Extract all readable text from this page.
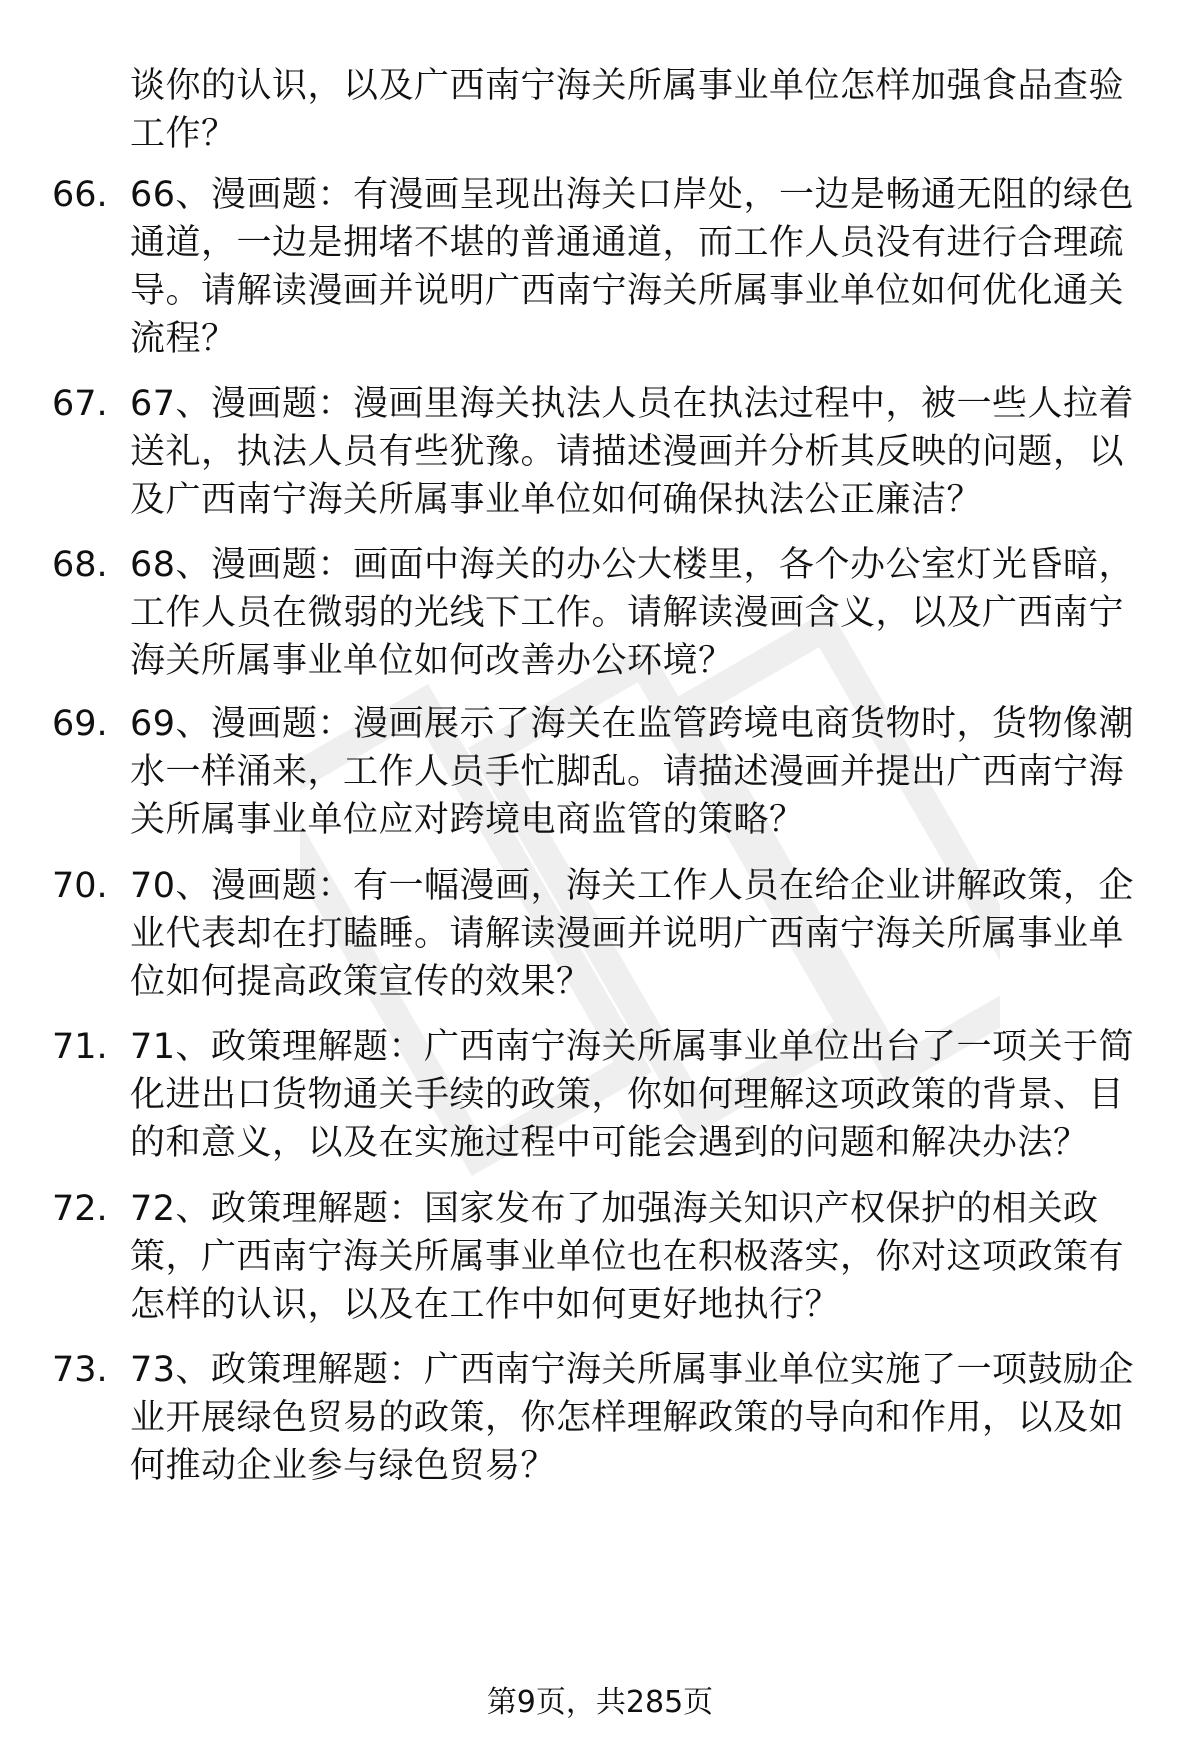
谈你的认识，以及广西南宁海关所属事业单位怎样加强食品查验工作？
66. 66、漫画题：有漫画呈现出海关口岸处，一边是畅通无阻的绿色通道，一边是拥堵不堪的普通通道，而工作人员没有进行合理疏导。请解读漫画并说明广西南宁海关所属事业单位如何优化通关流程？
67. 67、漫画题：漫画里海关执法人员在执法过程中，被一些人拉着送礼，执法人员有些犹豫。请描述漫画并分析其反映的问题，以及广西南宁海关所属事业单位如何确保执法公正廉洁？
68. 68、漫画题：画面中海关的办公大楼里，各个办公室灯光昏暗，工作人员在微弱的光线下工作。请解读漫画含义，以及广西南宁海关所属事业单位如何改善办公环境？
69. 69、漫画题：漫画展示了海关在监管跨境电商货物时，货物像潮水一样涌来，工作人员手忙脚乱。请描述漫画并提出广西南宁海关所属事业单位应对跨境电商监管的策略？
70. 70、漫画题：有一幅漫画，海关工作人员在给企业讲解政策，企业代表却在打瞌睡。请解读漫画并说明广西南宁海关所属事业单位如何提高政策宣传的效果？
71. 71、政策理解题：广西南宁海关所属事业单位出台了一项关于简化进出口货物通关手续的政策，你如何理解这项政策的背景、目的和意义，以及在实施过程中可能会遇到的问题和解决办法？
72. 72、政策理解题：国家发布了加强海关知识产权保护的相关政策，广西南宁海关所属事业单位也在积极落实，你对这项政策有怎样的认识，以及在工作中如何更好地执行？
73. 73、政策理解题：广西南宁海关所属事业单位实施了一项鼓励企业开展绿色贸易的政策，你怎样理解政策的导向和作用，以及如何推动企业参与绿色贸易？
第9页，共285页
